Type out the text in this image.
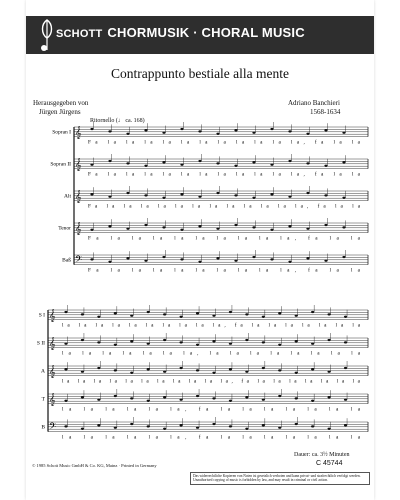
SCHOTT CHORMUSIK · CHORAL MUSIC
Contrappunto bestiale alla mente
Herausgegeben von
Jürgen Jürgens
Adriano Banchieri
1568-1634
Ritornello (♩ ca. 168)
𝄞
Sopran I
Fa la la la la la la la la la la la, fa la la
𝄞
Sopran II
Fa la la la la la la la la la la la, fa la la
𝄞
Alt
Fa la la la la la la la la la la la la, fa la la
𝄞
Tenor
Fa la la la la la la la la la, fa la la
𝄢
Baß
Fa la la la la la la la la la, fa la la
𝄞
S I
la la la la la la la la la la, fa la la la la la la la
𝄞
S II
la la la la la la la, la la la la la la la la
𝄞
A
la la la la la la la la la la la, fa la la la la la la la
𝄞
T
la la la la la la, fa la la la la la la la
𝄢
B
la la la la la la, fa la la la la la la la
Dauer: ca. 3½ Minuten
C 45744
© 1985 Schott Music GmbH & Co. KG, Mainz · Printed in Germany
Das widerrechtliche Kopieren von Noten ist gesetzlich verboten und kann privat- und strafrechtlich verfolgt werden. Unauthorised copying of music is forbidden by law, and may result in criminal or civil action.
